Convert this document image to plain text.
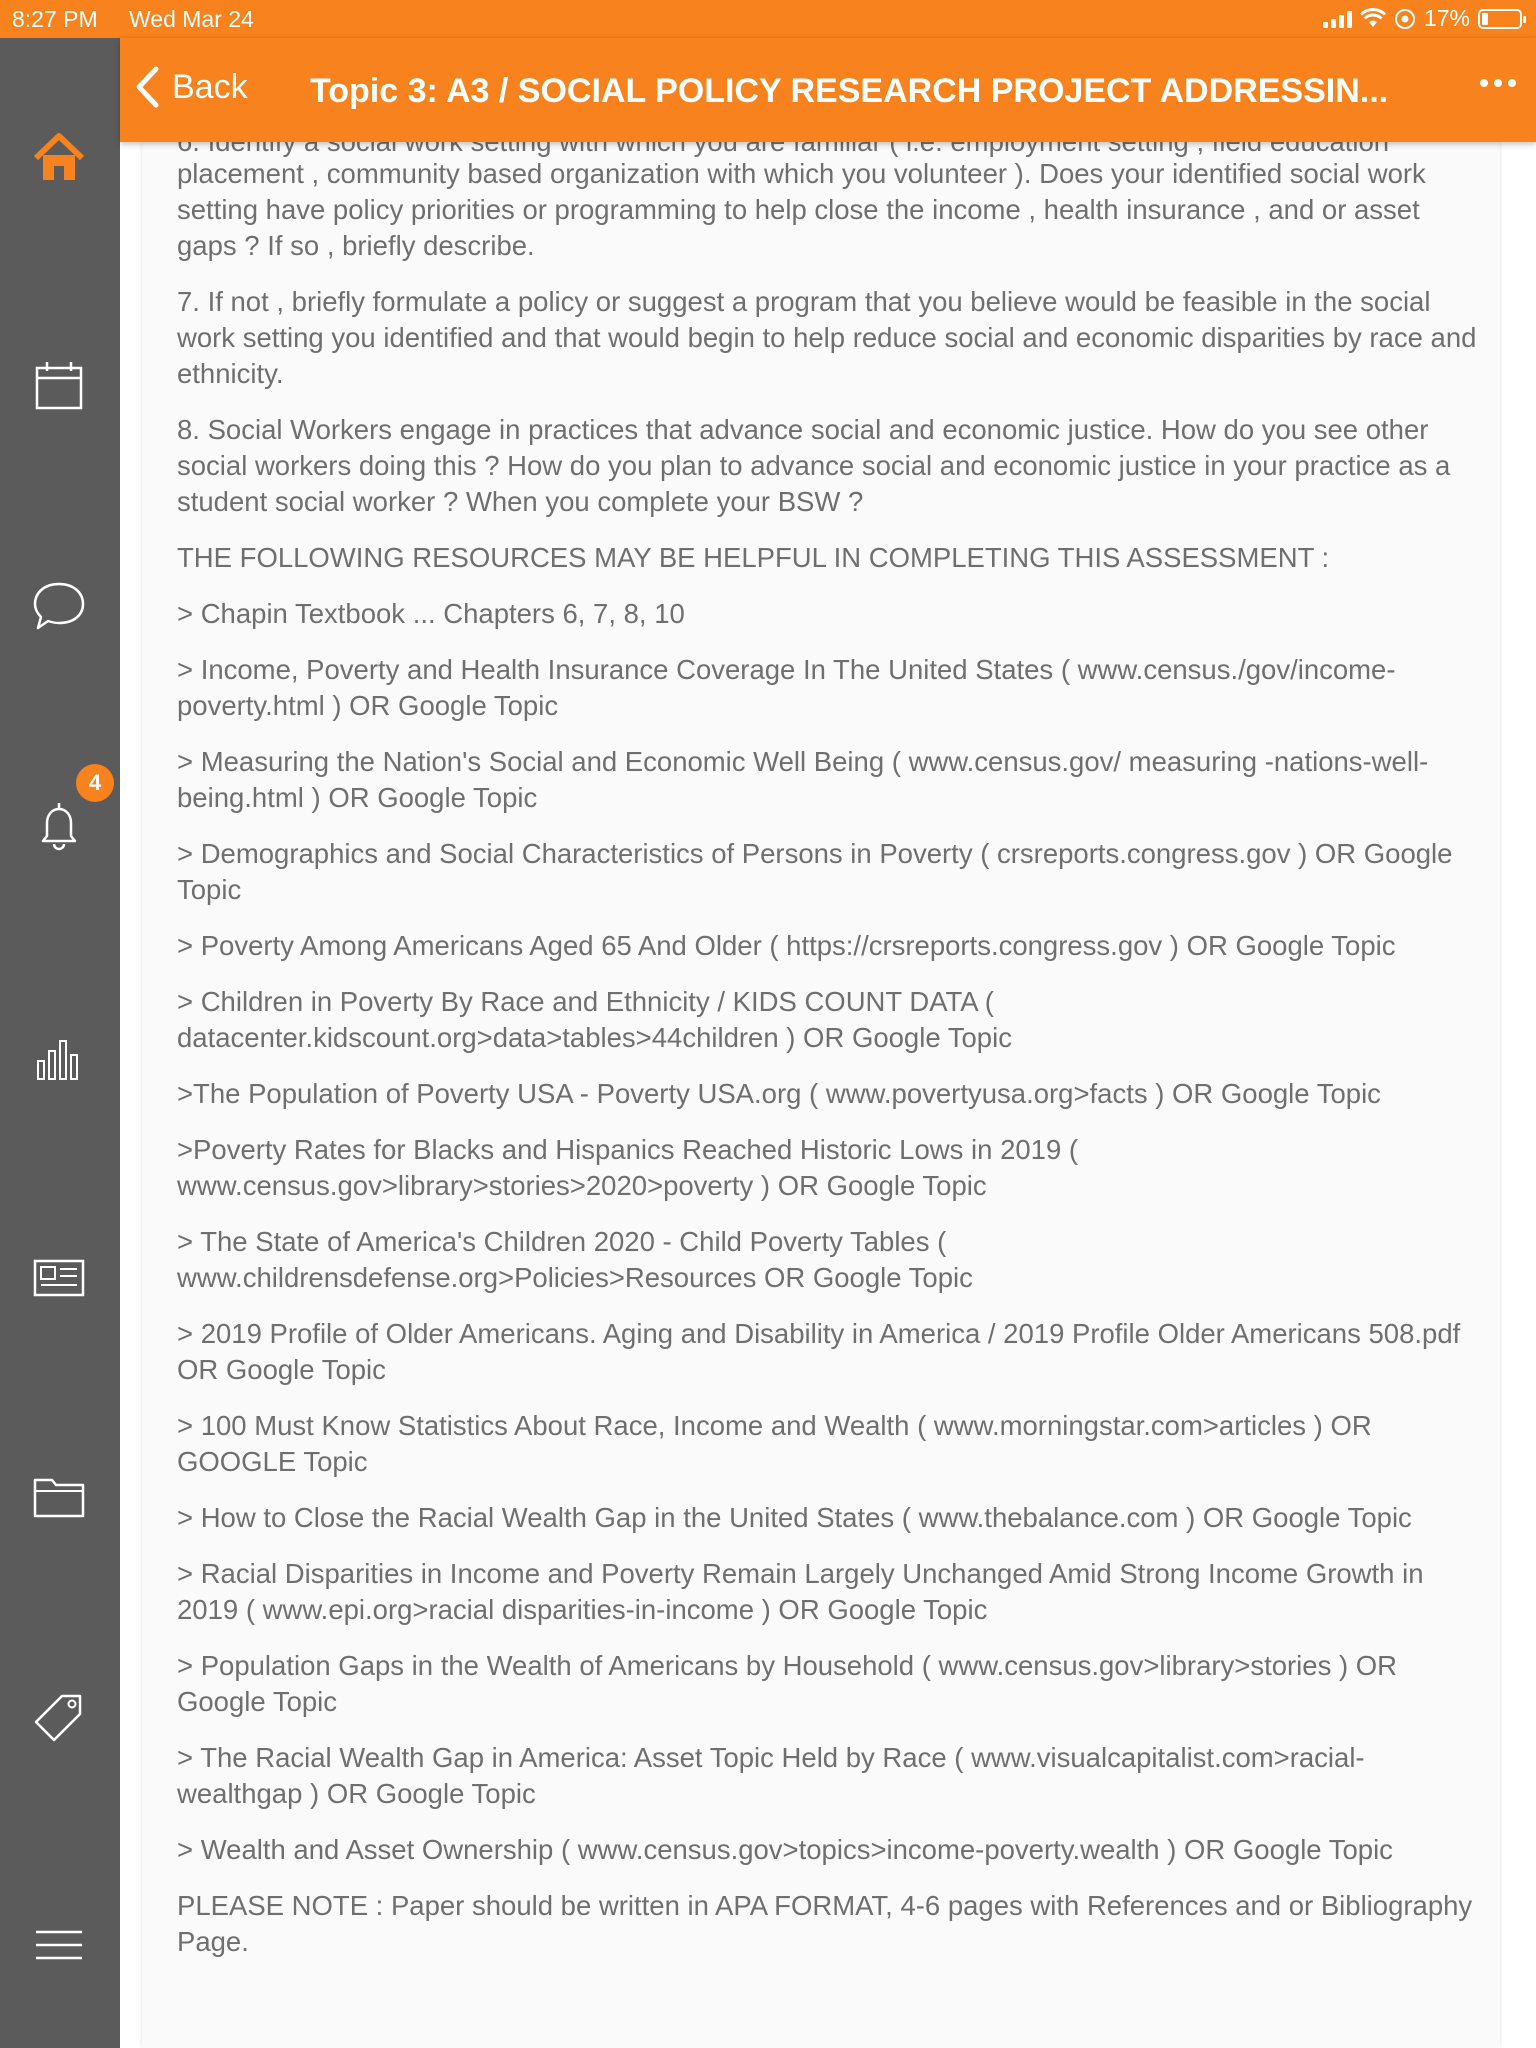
8:27 PM Wed Mar 24	17%
4
Back Topic 3: A3 / SOCIAL POLICY RESEARCH PROJECT ADDRESSIN...

placement , community based organization with which you volunteer ). Does your identified social work setting have policy priorities or programming to help close the income , health insurance , and or asset gaps ? If so , briefly describe.

7. If not , briefly formulate a policy or suggest a program that you believe would be feasible in the social work setting you identified and that would begin to help reduce social and economic disparities by race and ethnicity.

8. Social Workers engage in practices that advance social and economic justice. How do you see other social workers doing this ? How do you plan to advance social and economic justice in your practice as a student social worker ? When you complete your BSW ?

THE FOLLOWING RESOURCES MAY BE HELPFUL IN COMPLETING THIS ASSESSMENT :

> Chapin Textbook ... Chapters 6, 7, 8, 10

> Income, Poverty and Health Insurance Coverage In The United States ( www.census./gov/income-poverty.html ) OR Google Topic

> Measuring the Nation's Social and Economic Well Being ( www.census.gov/ measuring -nations-well-being.html ) OR Google Topic

> Demographics and Social Characteristics of Persons in Poverty ( crsreports.congress.gov ) OR Google Topic

> Poverty Among Americans Aged 65 And Older ( https://crsreports.congress.gov ) OR Google Topic

> Children in Poverty By Race and Ethnicity / KIDS COUNT DATA ( datacenter.kidscount.org>data>tables>44children ) OR Google Topic

>The Population of Poverty USA - Poverty USA.org ( www.povertyusa.org>facts ) OR Google Topic

>Poverty Rates for Blacks and Hispanics Reached Historic Lows in 2019 ( www.census.gov>library>stories>2020>poverty ) OR Google Topic

> The State of America's Children 2020 - Child Poverty Tables ( www.childrensdefense.org>Policies>Resources OR Google Topic

> 2019 Profile of Older Americans. Aging and Disability in America / 2019 Profile Older Americans 508.pdf OR Google Topic

> 100 Must Know Statistics About Race, Income and Wealth ( www.morningstar.com>articles ) OR GOOGLE Topic

> How to Close the Racial Wealth Gap in the United States ( www.thebalance.com ) OR Google Topic

> Racial Disparities in Income and Poverty Remain Largely Unchanged Amid Strong Income Growth in 2019 ( www.epi.org>racial disparities-in-income ) OR Google Topic

> Population Gaps in the Wealth of Americans by Household ( www.census.gov>library>stories ) OR Google Topic

> The Racial Wealth Gap in America: Asset Topic Held by Race ( www.visualcapitalist.com>racial-wealthgap ) OR Google Topic

> Wealth and Asset Ownership ( www.census.gov>topics>income-poverty.wealth ) OR Google Topic

PLEASE NOTE : Paper should be written in APA FORMAT, 4-6 pages with References and or Bibliography Page.
